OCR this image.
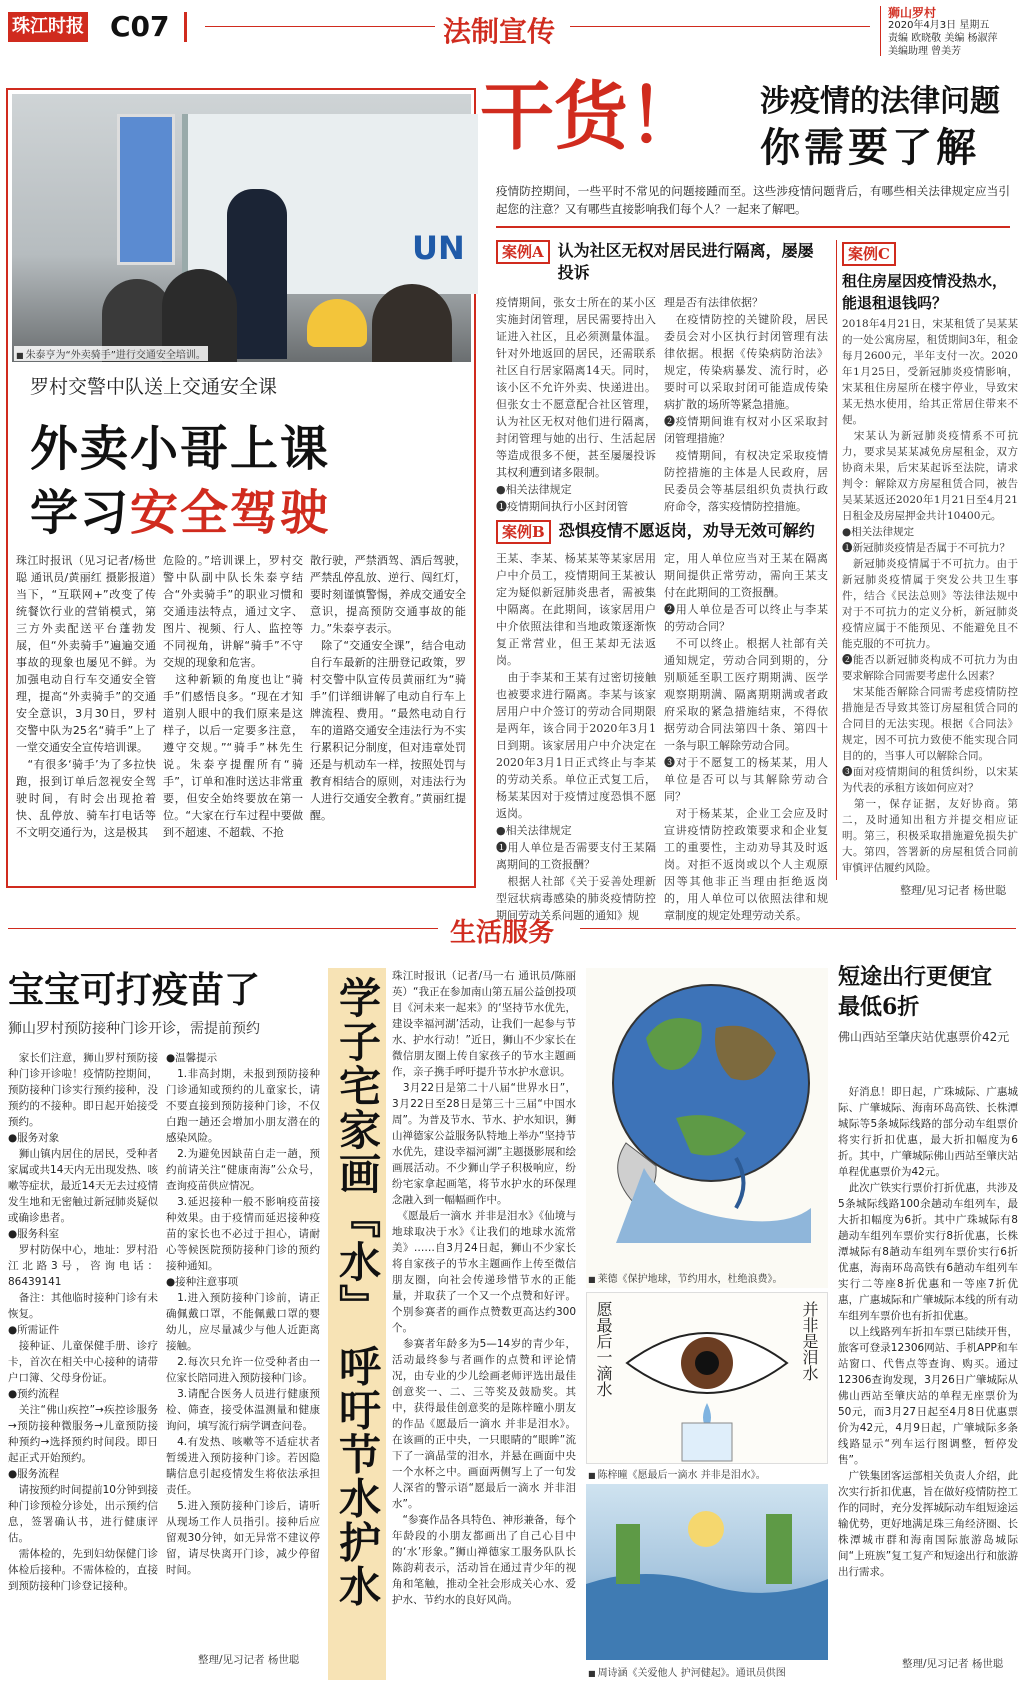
珠江时报 C07	法制宣传
狮山罗村
2020年4月3日 星期五
责编 欧晓敬 美编 杨淑萍
美编助理 曾美芳
UN
■ 朱泰亨为“外卖骑手”进行交通安全培训。
罗村交警中队送上交通安全课
外卖小哥上课
学习安全驾驶
珠江时报讯（见习记者/杨世聪 通讯员/黄丽红 摄影报道）当下，“互联网+”改变了传统餐饮行业的营销模式，第三方外卖配送平台蓬勃发展，但“外卖骑手”遍遍交通事故的现象也屡见不鲜。为加强电动自行车交通安全管理，提高“外卖骑手”的交通安全意识，3月30日，罗村交警中队为25名“骑手”上了一堂交通安全宣传培训课。
　“有很多‘骑手’为了多拉快跑，报到订单后忽视安全驾驶时间，有时会出现抢着快、乱停放、骑车打电话等不文明交通行为，这是极其
危险的。”培训课上，罗村交警中队副中队长朱泰亨结合“外卖骑手”的职业习惯和交通违法特点，通过文字、图片、视频、行人、监控等不同视角，讲解“骑手”不守交规的现象和危害。
　这种新颖的角度也让“骑手”们感悟良多。“现在才知道别人眼中的我们原来是这样子，以后一定要多注意，遵守交规。”“骑手”林先生说。朱泰亨提醒所有“骑手”，订单和准时送达非常重要，但安全始终要放在第一位。“大家在行车过程中要做到不超速、不超载、不抢
散行驶，严禁酒驾、酒后驾驶，严禁乱停乱放、逆行、闯红灯，要时刻谨慎警惕，养成交通安全意识，提高预防交通事故的能力。”朱泰亨表示。
　除了“交通安全课”，结合电动自行车最新的注册登记政策，罗村交警中队宣传员黄丽红为“骑手”们详细讲解了电动自行车上牌流程、费用。“最然电动自行车的道路交通安全违法行为不实行累积记分制度，但对违章处罚还是与机动车一样，按照处罚与教育相结合的原则，对违法行为人进行交通安全教育。”黄丽红提醒。
干货！ 涉疫情的法律问题
你需要了解
疫情防控期间，一些平时不常见的问题接踵而至。这些涉疫情问题背后，有哪些相关法律规定应当引起您的注意？又有哪些直接影响我们每个人？一起来了解吧。
案例A 认为社区无权对居民进行隔离，屡屡投诉
疫情期间，张女士所在的某小区实施封闭管理，居民需要持出入证进入社区，且必须测量体温。针对外地返回的居民，还需联系社区自行居家隔离14天。同时，该小区不允许外卖、快递进出。但张女士不愿意配合社区管理，认为社区无权对他们进行隔离，封闭管理与她的出行、生活起居等造成很多不便，甚至屡屡投诉其权利遭到诸多限制。
●相关法律规定
❶疫情期间执行小区封闭管
理是否有法律依据？
　在疫情防控的关键阶段，居民委员会对小区执行封闭管理有法律依据。根据《传染病防治法》规定，传染病暴发、流行时，必要时可以采取封闭可能造成传染病扩散的场所等紧急措施。
❷疫情期间谁有权对小区采取封闭管理措施？
　疫情期间，有权决定采取疫情防控措施的主体是人民政府，居民委员会等基层组织负责执行政府命令，落实疫情防控措施。
案例B 恐惧疫情不愿返岗，劝导无效可解约
王某、李某、杨某某等某家居用户中介员工，疫情期间王某被认定为疑似新冠肺炎患者，需被集中隔离。在此期间，该家居用户中介依照法律和当地政策逐渐恢复正常营业，但王某却无法返岗。
　由于李某和王某有过密切接触也被要求进行隔离。李某与该家居用户中介签订的劳动合同期限是两年，该合同于2020年3月1日到期。该家居用户中介决定在2020年3月1日正式终止与李某的劳动关系。单位正式复工后，杨某某因对于疫情过度恐惧不愿返岗。
●相关法律规定
❶用人单位是否需要支付王某隔离期间的工资报酬？
　根据人社部《关于妥善处理新型冠状病毒感染的肺炎疫情防控期间劳动关系问题的通知》规
定，用人单位应当对王某在隔离期间提供正常劳动，需向王某支付在此期间的工资报酬。
❷用人单位是否可以终止与李某的劳动合同？
　不可以终止。根据人社部有关通知规定，劳动合同到期的，分别顺延至职工医疗期期满、医学观察期期满、隔离期期满或者政府采取的紧急措施结束，不得依据劳动合同法第四十条、第四十一条与职工解除劳动合同。
❸对于不愿复工的杨某某，用人单位是否可以与其解除劳动合同？
　对于杨某某，企业工会应及时宣讲疫情防控政策要求和企业复工的重要性，主动劝导其及时返岗。对拒不返岗或以个人主观原因等其他非正当理由拒绝返岗的，用人单位可以依照法律和规章制度的规定处理劳动关系。
案例C
租住房屋因疫情没热水，能退租退钱吗？
2018年4月21日，宋某租赁了吴某某的一处公寓房屋，租赁期间3年，租金每月2600元，半年支付一次。2020年1月25日，受新冠肺炎疫情影响，宋某租住房屋所在楼宇停业，导致宋某无热水使用，给其正常居住带来不便。
　宋某认为新冠肺炎疫情系不可抗力，要求吴某某减免房屋租金，双方协商未果，后宋某起诉至法院，请求判令：解除双方房屋租赁合同，被告吴某某返还2020年1月21日至4月21日租金及房屋押金共计10400元。
●相关法律规定
❶新冠肺炎疫情是否属于不可抗力？
　新冠肺炎疫情属于不可抗力。由于新冠肺炎疫情属于突发公共卫生事件，结合《民法总则》等法律法规中对于不可抗力的定义分析，新冠肺炎疫情应属于不能预见、不能避免且不能克服的不可抗力。
❷能否以新冠肺炎构成不可抗力为由要求解除合同需要考虑什么因素？
　宋某能否解除合同需考虑疫情防控措施是否导致其签订房屋租赁合同的合同目的无法实现。根据《合同法》规定，因不可抗力致使不能实现合同目的的，当事人可以解除合同。
❸面对疫情期间的租赁纠纷，以宋某为代表的承租方该如何应对？
　第一，保存证据，友好协商。第二，及时通知出租方并提交相应证明。第三，积极采取措施避免损失扩大。第四，答署新的房屋租赁合同前审慎评估履约风险。
整理/见习记者 杨世聪
生活服务
宝宝可打疫苗了
狮山罗村预防接种门诊开诊，需提前预约
　家长们注意，狮山罗村预防接种门诊开诊啦！疫情防控期间，预防接种门诊实行预约接种，没预约的不接种。即日起开始接受预约。
●服务对象
　狮山镇内居住的居民，受种者家属或共14天内无出现发热、咳嗽等症状，最近14天无去过疫情发生地和无密触过新冠肺炎疑似或确诊患者。
●服务科室
　罗村防保中心，地址：罗村沿江北路3号，咨询电话：86439141
　备注：其他临时接种门诊有未恢复。
●所需证件
　接种证、儿童保健手册、诊疗卡，首次在相关中心接种的请带户口簿、父母身份证。
●预约流程
　关注“佛山疾控”→疾控诊服务→预防接种微服务→儿童预防接种预约→选择预约时间段。即日起正式开始预约。
●服务流程
　请按预约时间提前10分钟到接种门诊预检分诊处，出示预约信息，签署确认书，进行健康评估。
　需体检的，先到妇幼保健门诊体检后接种。不需体检的，直接到预防接种门诊登记接种。
●温馨提示
　1.非高封期，未报到预防接种门诊通知或预约的儿童家长，请不要直接到预防接种门诊，不仅白跑一趟还会增加小朋友潜在的感染风险。
　2.为避免因缺苗白走一趟，预约前请关注“健康南海”公众号，查询疫苗供应情况。
　3.延迟接种一般不影响疫苗接种效果。由于疫情而延迟接种疫苗的家长也不必过于担心，请耐心等候医院预防接种门诊的预约接种通知。
●接种注意事项
　1.进入预防接种门诊前，请正确佩戴口罩，不能佩戴口罩的婴幼儿，应尽量减少与他人近距离接触。
　2.每次只允许一位受种者由一位家长陪同进入预防接种门诊。
　3.请配合医务人员进行健康预检、筛查，接受体温测量和健康询问，填写流行病学调查问卷。
　4.有发热、咳嗽等不适症状者暂缓进入预防接种门诊。若因隐瞒信息引起疫情发生将依法承担责任。
　5.进入预防接种门诊后，请听从现场工作人员指引。接种后应留观30分钟，如无异常不建议停留，请尽快离开门诊，减少停留时间。
整理/见习记者 杨世聪
学子宅家画『水』 呼吁节水护水 珠江时报讯（记者/马一右 通讯员/陈丽英）“我正在参加南山第五届公益创投项目《河未来一起来》的‘坚持节水优先，建设幸福河湖’活动，让我们一起参与节水、护水行动！”近日，狮山不少家长在微信朋友圈上传自家孩子的节水主题画作，亲子携手呼吁提升节水护水意识。
　3月22日是第二十八届“世界水日”，3月22日至28日是第三十三届“中国水周”。为普及节水、节水、护水知识，狮山禅德家公益服务队特地上举办“坚持节水优先，建设幸福河湖”主题摄影展和绘画展活动。不少狮山学子积极响应，纷纷宅家拿起画笔，将节水护水的环保理念融入到一幅幅画作中。
　《愿最后一滴水 并非是泪水》《仙境与地球取决于水》《让我们的地球水流常美》……自3月24日起，狮山不少家长将自家孩子的节水主题画作上传至微信朋友圈，向社会传递珍惜节水的正能量，并取获了一个又一个点赞和好评。个别参赛者的画作点赞数更高达约300个。
　参赛者年龄多为5—14岁的青少年，活动最终参与者画作的点赞和评论情况，由专业的少儿绘画老师评选出最佳创意奖一、二、三等奖及鼓励奖。其中，获得最佳创意奖的是陈梓曈小朋友的作品《愿最后一滴水 并非是泪水》。在该画的正中央，一只眼睛的“眼眸”流下了一滴晶莹的泪水，并悬在画面中央一个水杯之中。画面两侧写上了一句发人深省的警示语“愿最后一滴水 并非泪水”。
　“参赛作品各具特色、神形兼备，每个年龄段的小朋友都画出了自己心目中的‘水’形象。”狮山禅德家工服务队队长陈韵莉表示，活动旨在通过青少年的视角和笔触，推动全社会形成关心水、爱护水、节约水的良好风尚。
■ 莱德《保护地球，节约用水，杜绝浪费》。
愿最后一滴水	并非是泪水
■ 陈梓曈《愿最后一滴水 并非是泪水》。
■ 周诗涵《关爱他人 护河健起》。通讯员供图
短途出行更便宜 最低6折
佛山西站至肇庆站优惠票价42元
　好消息！即日起，广珠城际、广惠城际、广肇城际、海南环岛高铁、长株潭城际等5条城际线路的部分动车组票价将实行折扣优惠，最大折扣幅度为6折。其中，广肇城际佛山西站至肇庆站单程优惠票价为42元。
　此次广铁实行票价打折优惠，共涉及5条城际线路100余趟动车组列车，最大折扣幅度为6折。其中广珠城际有8趟动车组列车票价实行8折优惠，长株潭城际有8趟动车组列车票价实行6折优惠，海南环岛高铁有6趟动车组列车实行二等座8折优惠和一等座7折优惠，广惠城际和广肇城际本线的所有动车组列车票价也有折扣优惠。
　以上线路列车折扣车票已陆续开售，旅客可登录12306网站、手机APP和车站窗口、代售点等查询、购买。通过12306查询发现，3月26日广肇城际从佛山西站至肇庆站的单程无座票价为50元，而3月27日起至4月8日优惠票价为42元，4月9日起，广肇城际多条线路显示“列车运行图调整，暂停发售”。
　广铁集团客运部相关负责人介绍，此次实行折扣优惠，旨在做好疫情防控工作的同时，充分发挥城际动车组短途运输优势，更好地满足珠三角经济圈、长株潭城市群和海南国际旅游岛城际间“上班族”复工复产和短途出行和旅游出行需求。
整理/见习记者 杨世聪
